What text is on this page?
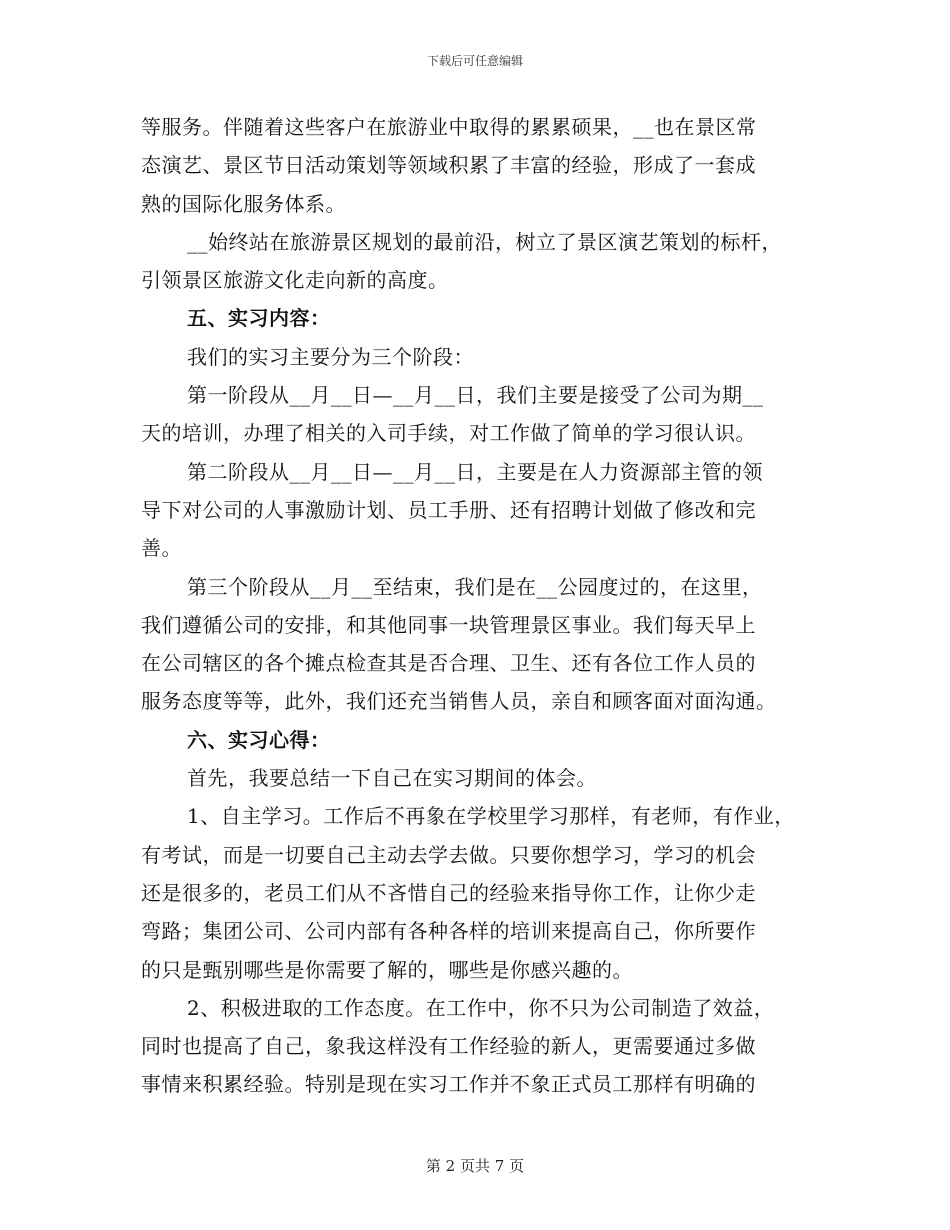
下载后可任意编辑
等服务。伴随着这些客户在旅游业中取得的累累硕果，__也在景区常
态演艺、景区节日活动策划等领域积累了丰富的经验，形成了一套成
熟的国际化服务体系。
__始终站在旅游景区规划的最前沿，树立了景区演艺策划的标杆，
引领景区旅游文化走向新的高度。
五、实习内容：
我们的实习主要分为三个阶段：
第一阶段从__月__日—__月__日，我们主要是接受了公司为期__
天的培训，办理了相关的入司手续，对工作做了简单的学习很认识。
第二阶段从__月__日—__月__日，主要是在人力资源部主管的领
导下对公司的人事激励计划、员工手册、还有招聘计划做了修改和完
善。
第三个阶段从__月__至结束，我们是在__公园度过的，在这里，
我们遵循公司的安排，和其他同事一块管理景区事业。我们每天早上
在公司辖区的各个摊点检查其是否合理、卫生、还有各位工作人员的
服务态度等等，此外，我们还充当销售人员，亲自和顾客面对面沟通。
六、实习心得：
首先，我要总结一下自己在实习期间的体会。
1、自主学习。工作后不再象在学校里学习那样，有老师，有作业，
有考试，而是一切要自己主动去学去做。只要你想学习，学习的机会
还是很多的，老员工们从不吝惜自己的经验来指导你工作，让你少走
弯路；集团公司、公司内部有各种各样的培训来提高自己，你所要作
的只是甄别哪些是你需要了解的，哪些是你感兴趣的。
2、积极进取的工作态度。在工作中，你不只为公司制造了效益，
同时也提高了自己，象我这样没有工作经验的新人，更需要通过多做
事情来积累经验。特别是现在实习工作并不象正式员工那样有明确的
第 2 页共 7 页
